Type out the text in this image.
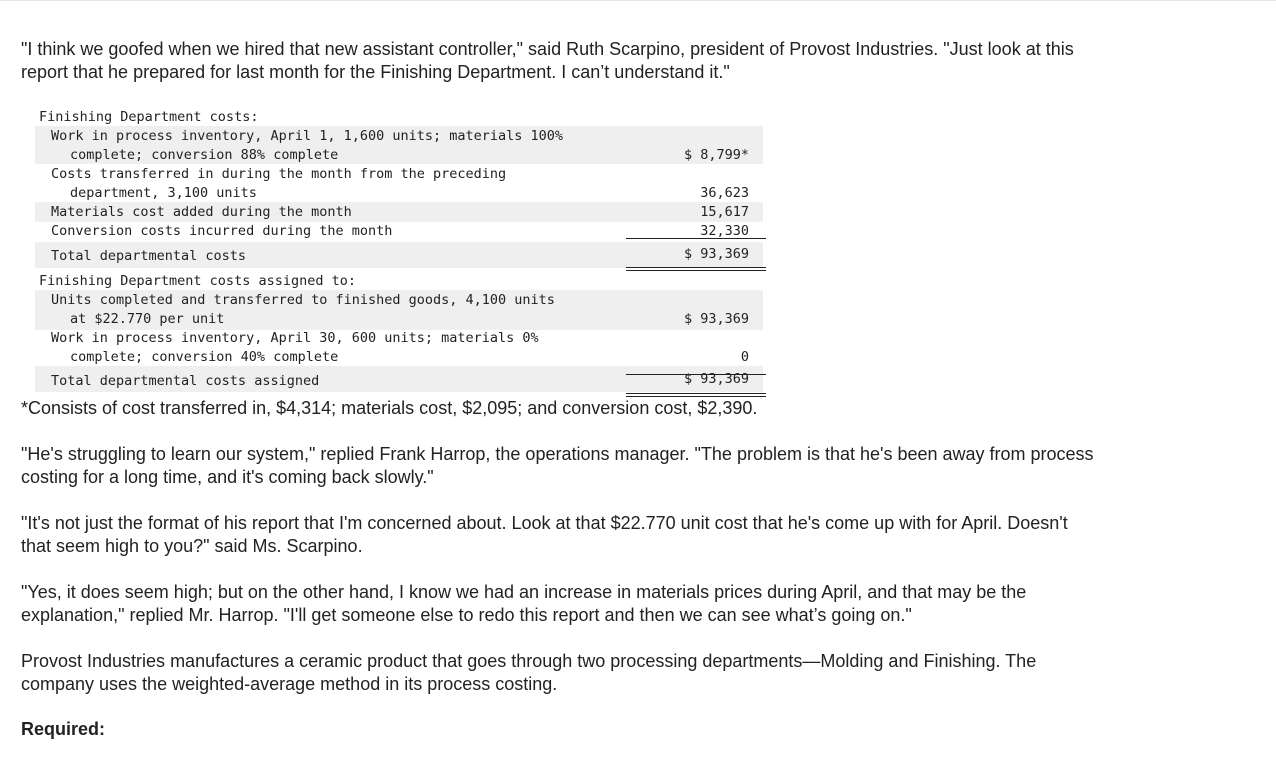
"I think we goofed when we hired that new assistant controller," said Ruth Scarpino, president of Provost Industries. "Just look at this
report that he prepared for last month for the Finishing Department. I can’t understand it."

Finishing Department costs:
Work in process inventory, April 1, 1,600 units; materials 100%
complete; conversion 88% complete	$ 8,799*
Costs transferred in during the month from the preceding
department, 3,100 units	36,623
Materials cost added during the month	15,617
Conversion costs incurred during the month	32,330
Total departmental costs	$ 93,369
Finishing Department costs assigned to:
Units completed and transferred to finished goods, 4,100 units
at $22.770 per unit	$ 93,369
Work in process inventory, April 30, 600 units; materials 0%
complete; conversion 40% complete	0
Total departmental costs assigned	$ 93,369
*Consists of cost transferred in, $4,314; materials cost, $2,095; and conversion cost, $2,390.

"He's struggling to learn our system," replied Frank Harrop, the operations manager. "The problem is that he's been away from process
costing for a long time, and it's coming back slowly."

"It's not just the format of his report that I'm concerned about. Look at that $22.770 unit cost that he's come up with for April. Doesn't
that seem high to you?" said Ms. Scarpino.

"Yes, it does seem high; but on the other hand, I know we had an increase in materials prices during April, and that may be the
explanation," replied Mr. Harrop. "I'll get someone else to redo this report and then we can see what’s going on."

Provost Industries manufactures a ceramic product that goes through two processing departments—Molding and Finishing. The
company uses the weighted-average method in its process costing.

Required:
